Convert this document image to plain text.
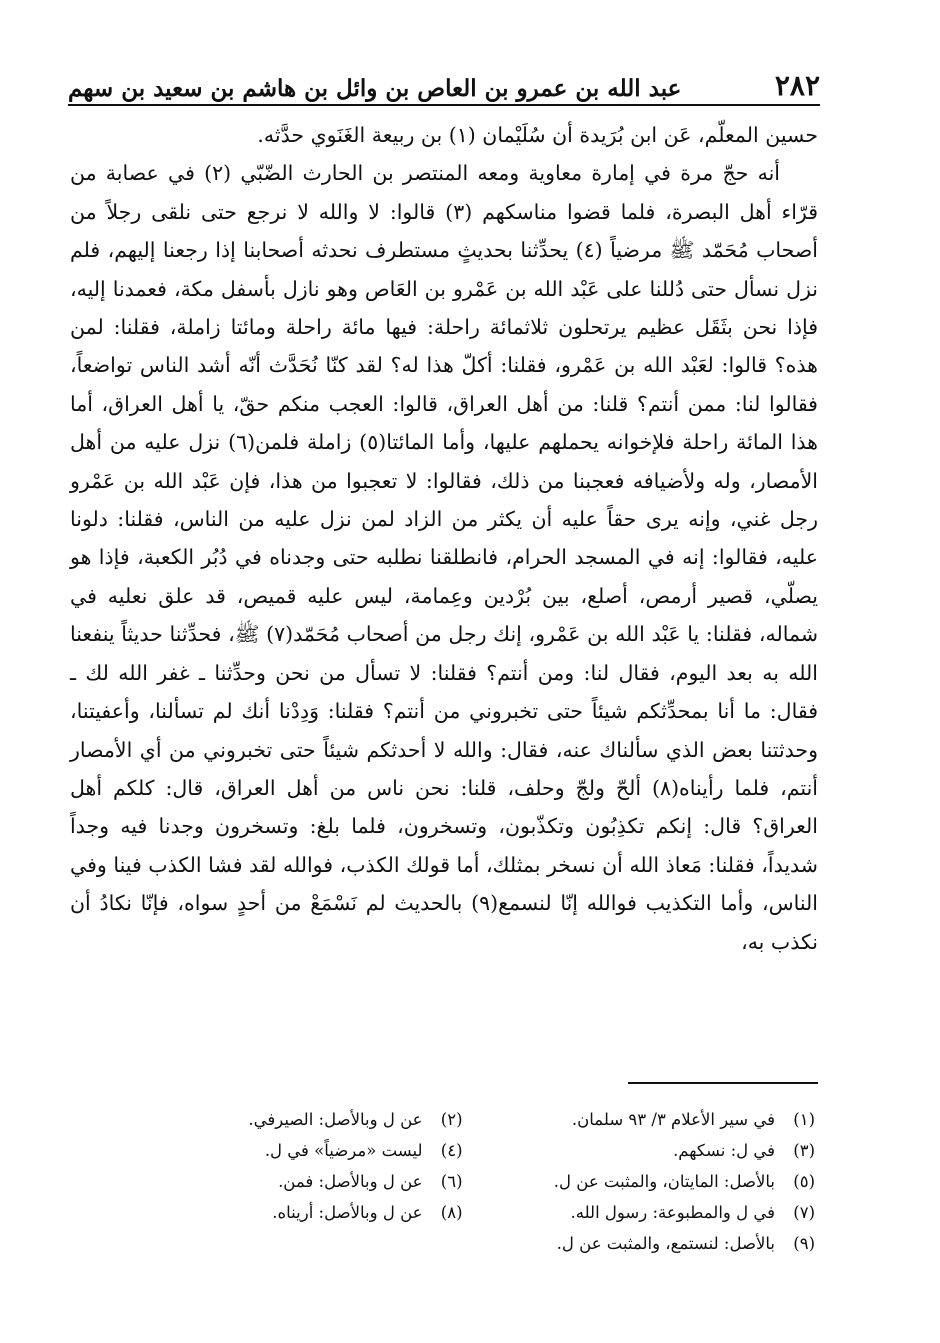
٢٨٢
عبد الله بن عمرو بن العاص بن وائل بن هاشم بن سعيد بن سهم

حسين المعلّم، عَن ابن بُرَيدة أن سُلَيْمان (١) بن ربيعة الغَنَوي حدَّثه.

أنه حجّ مرة في إمارة معاوية ومعه المنتصر بن الحارث الضّبّي (٢) في عصابة من قرّاء أهل البصرة، فلما قضوا مناسكهم (٣) قالوا: لا والله لا نرجع حتى نلقى رجلاً من أصحاب مُحَمّد ﷺ مرضياً (٤) يحدِّثنا بحديثٍ مستطرف نحدثه أصحابنا إذا رجعنا إليهم، فلم نزل نسأل حتى دُللنا على عَبْد الله بن عَمْرو بن العَاص وهو نازل بأسفل مكة، فعمدنا إليه، فإذا نحن بثَقَل عظيم يرتحلون ثلاثمائة راحلة: فيها مائة راحلة ومائتا زاملة، فقلنا: لمن هذه؟ قالوا: لعَبْد الله بن عَمْرو، فقلنا: أكلّ هذا له؟ لقد كنّا نُحَدَّث أنّه أشد الناس تواضعاً، فقالوا لنا: ممن أنتم؟ قلنا: من أهل العراق، قالوا: العجب منكم حقّ، يا أهل العراق، أما هذا المائة راحلة فلإخوانه يحملهم عليها، وأما المائتا(٥) زاملة فلمن(٦) نزل عليه من أهل الأمصار، وله ولأضيافه فعجبنا من ذلك، فقالوا: لا تعجبوا من هذا، فإن عَبْد الله بن عَمْرو رجل غني، وإنه يرى حقاً عليه أن يكثر من الزاد لمن نزل عليه من الناس، فقلنا: دلونا عليه، فقالوا: إنه في المسجد الحرام، فانطلقنا نطلبه حتى وجدناه في دُبُر الكعبة، فإذا هو يصلّي، قصير أرمص، أصلع، بين بُرْدين وعِمامة، ليس عليه قميص، قد علق نعليه في شماله، فقلنا: يا عَبْد الله بن عَمْرو، إنك رجل من أصحاب مُحَمّد(٧) ﷺ، فحدِّثنا حديثاً ينفعنا الله به بعد اليوم، فقال لنا: ومن أنتم؟ فقلنا: لا تسأل من نحن وحدِّثنا ـ غفر الله لك ـ فقال: ما أنا بمحدِّثكم شيئاً حتى تخبروني من أنتم؟ فقلنا: وَدِدْنا أنك لم تسألنا، وأعفيتنا، وحدثتنا بعض الذي سألناك عنه، فقال: والله لا أحدثكم شيئاً حتى تخبروني من أي الأمصار أنتم، فلما رأيناه(٨) ألحّ ولجّ وحلف، قلنا: نحن ناس من أهل العراق، قال: كلكم أهل العراق؟ قال: إنكم تكذِبُون وتكذّبون، وتسخرون، فلما بلغ: وتسخرون وجدنا فيه وجداً شديداً، فقلنا: مَعاذ الله أن نسخر بمثلك، أما قولك الكذب، فوالله لقد فشا الكذب فينا وفي الناس، وأما التكذيب فوالله إنّا لنسمع(٩) بالحديث لم نَسْمَعْ من أحدٍ سواه، فإنّا نكادُ أن نكذب به،

(١)
في سير الأعلام ٣/ ٩٣ سلمان.
(٢)
عن ل وبالأصل: الصيرفي.
(٣)
في ل: نسكهم.
(٤)
ليست «مرضياً» في ل.
(٥)
بالأصل: المايتان، والمثبت عن ل.
(٦)
عن ل وبالأصل: فمن.
(٧)
في ل والمطبوعة: رسول الله.
(٨)
عن ل وبالأصل: أريناه.
(٩)
بالأصل: لنستمع، والمثبت عن ل.
